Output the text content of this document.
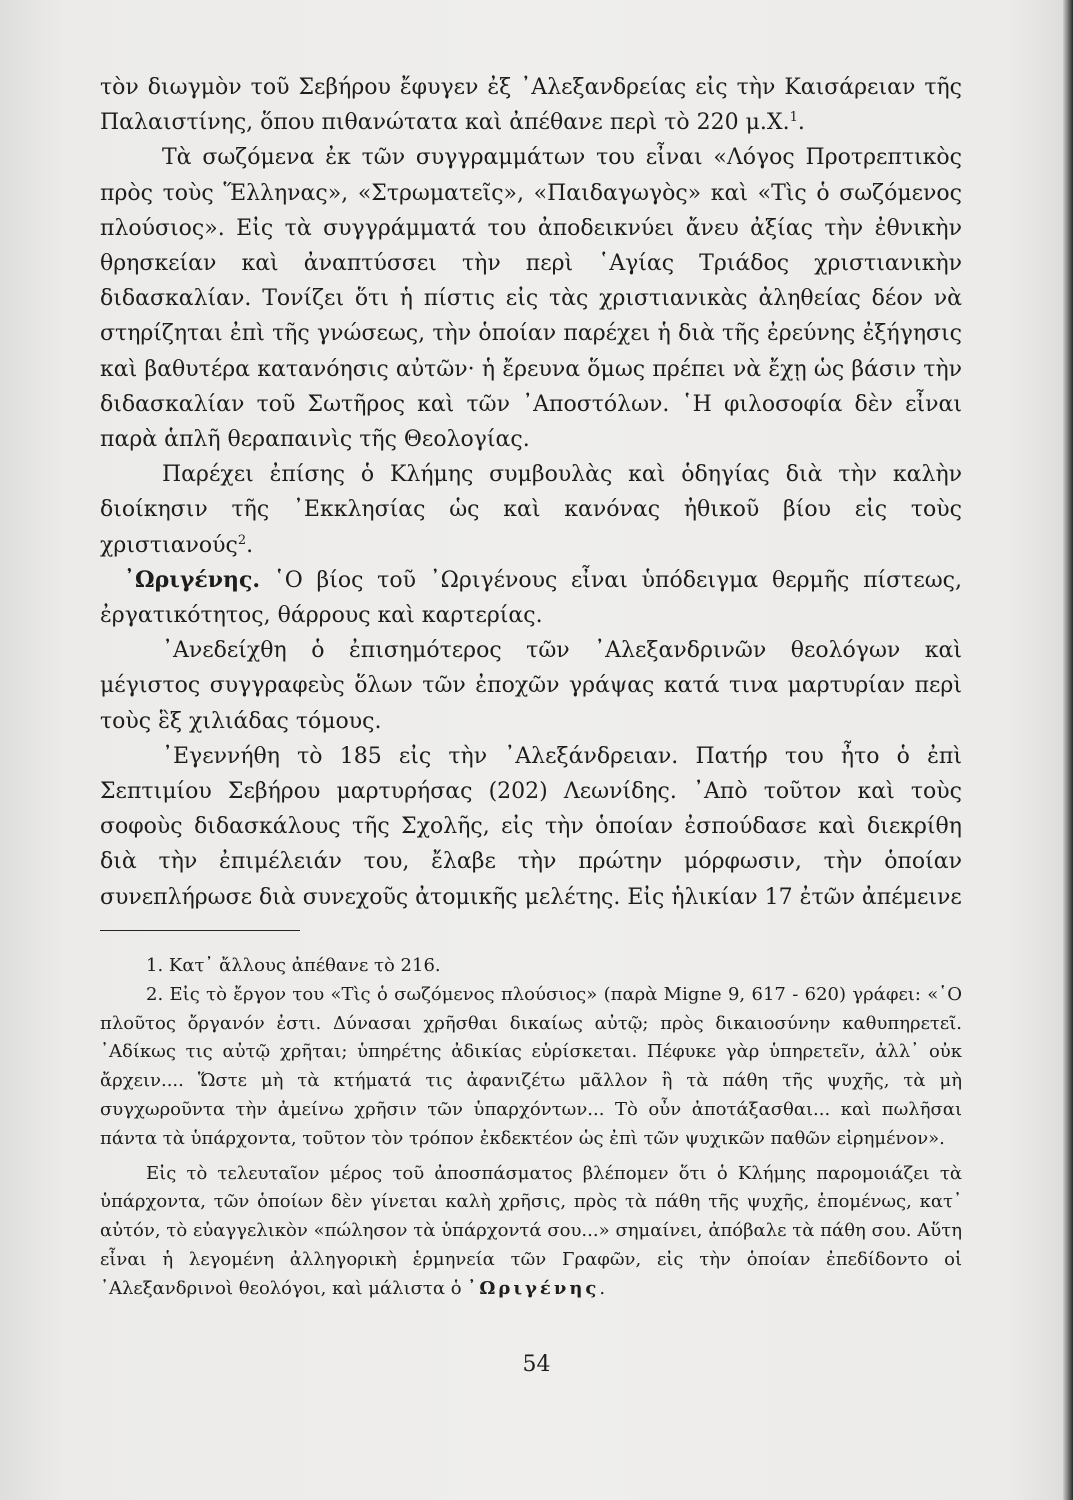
τὸν διωγμὸν τοῦ Σεβήρου ἔφυγεν ἐξ ᾽Αλεξανδρείας εἰς τὴν Καισάρειαν τῆς Παλαιστίνης, ὅπου πιθανώτατα καὶ ἀπέθανε περὶ τὸ 220 μ.Χ.$^1$.

Τὰ σωζόμενα ἐκ τῶν συγγραμμάτων του εἶναι «Λόγος Προτρεπτικὸς πρὸς τοὺς Ἕλληνας», «Στρωματεῖς», «Παιδαγωγὸς» καὶ «Τὶς ὁ σωζόμενος πλούσιος». Εἰς τὰ συγγράμματά του ἀποδεικνύει ἄνευ ἀξίας τὴν ἐθνικὴν θρησκείαν καὶ ἀναπτύσσει τὴν περὶ ῾Αγίας Τριάδος χριστιανικὴν διδασκαλίαν. Τονίζει ὅτι ἡ πίστις εἰς τὰς χριστιανικὰς ἀληθείας δέον νὰ στηρίζηται ἐπὶ τῆς γνώσεως, τὴν ὁποίαν παρέχει ἡ διὰ τῆς ἐρεύνης ἐξήγησις καὶ βαθυτέρα κατανόησις αὐτῶν· ἡ ἔρευνα ὅμως πρέπει νὰ ἔχῃ ὡς βάσιν τὴν διδασκαλίαν τοῦ Σωτῆρος καὶ τῶν ᾽Αποστόλων. ῾Η φιλοσοφία δὲν εἶναι παρὰ ἁπλῆ θεραπαινὶς τῆς Θεολογίας.

Παρέχει ἐπίσης ὁ Κλήμης συμβουλὰς καὶ ὁδηγίας διὰ τὴν καλὴν διοίκησιν τῆς ᾽Εκκλησίας ὡς καὶ κανόνας ἠθικοῦ βίου εἰς τοὺς χριστιανούς$^2$.

᾽Ωριγένης. ῾Ο βίος τοῦ ᾽Ωριγένους εἶναι ὑπόδειγμα θερμῆς πίστεως, ἐργατικότητος, θάρρους καὶ καρτερίας.

᾽Ανεδείχθη ὁ ἐπισημότερος τῶν ᾽Αλεξανδρινῶν θεολόγων καὶ μέγιστος συγγραφεὺς ὅλων τῶν ἐποχῶν γράψας κατά τινα μαρτυρίαν περὶ τοὺς ἓξ χιλιάδας τόμους.

᾽Εγεννήθη τὸ 185 εἰς τὴν ᾽Αλεξάνδρειαν. Πατήρ του ἦτο ὁ ἐπὶ Σεπτιμίου Σεβήρου μαρτυρήσας (202) Λεωνίδης. ᾽Απὸ τοῦτον καὶ τοὺς σοφοὺς διδασκάλους τῆς Σχολῆς, εἰς τὴν ὁποίαν ἐσπούδασε καὶ διεκρίθη διὰ τὴν ἐπιμέλειάν του, ἔλαβε τὴν πρώτην μόρφωσιν, τὴν ὁποίαν συνεπλήρωσε διὰ συνεχοῦς ἀτομικῆς μελέτης. Εἰς ἡλικίαν 17 ἐτῶν ἀπέμεινε

1. Κατ᾽ ἄλλους ἀπέθανε τὸ 216.

2. Εἰς τὸ ἔργον του «Τὶς ὁ σωζόμενος πλούσιος» (παρὰ Migne 9, 617 - 620) γράφει: «῾Ο πλοῦτος ὄργανόν ἐστι. Δύνασαι χρῆσθαι δικαίως αὐτῷ; πρὸς δικαιοσύνην καθυπηρετεῖ. ᾽Αδίκως τις αὐτῷ χρῆται; ὑπηρέτης ἀδικίας εὑρίσκεται. Πέφυκε γὰρ ὑπηρετεῖν, ἀλλ᾽ οὐκ ἄρχειν.... Ὥστε μὴ τὰ κτήματά τις ἀφανιζέτω μᾶλλον ἢ τὰ πάθη τῆς ψυχῆς, τὰ μὴ συγχωροῦντα τὴν ἀμείνω χρῆσιν τῶν ὑπαρχόντων... Τὸ οὖν ἀποτάξασθαι... καὶ πωλῆσαι πάντα τὰ ὑπάρχοντα, τοῦτον τὸν τρόπον ἐκδεκτέον ὡς ἐπὶ τῶν ψυχικῶν παθῶν εἰρημένον».

Εἰς τὸ τελευταῖον μέρος τοῦ ἀποσπάσματος βλέπομεν ὅτι ὁ Κλήμης παρομοιάζει τὰ ὑπάρχοντα, τῶν ὁποίων δὲν γίνεται καλὴ χρῆσις, πρὸς τὰ πάθη τῆς ψυχῆς, ἑπομένως, κατ᾽ αὐτόν, τὸ εὐαγγελικὸν «πώλησον τὰ ὑπάρχοντά σου...» σημαίνει, ἀπόβαλε τὰ πάθη σου. Αὕτη εἶναι ἡ λεγομένη ἀλληγορικὴ ἑρμηνεία τῶν Γραφῶν, εἰς τὴν ὁποίαν ἐπεδίδοντο οἱ ᾽Αλεξανδρινοὶ θεολόγοι, καὶ μάλιστα ὁ ᾽Ωριγένης.

54
